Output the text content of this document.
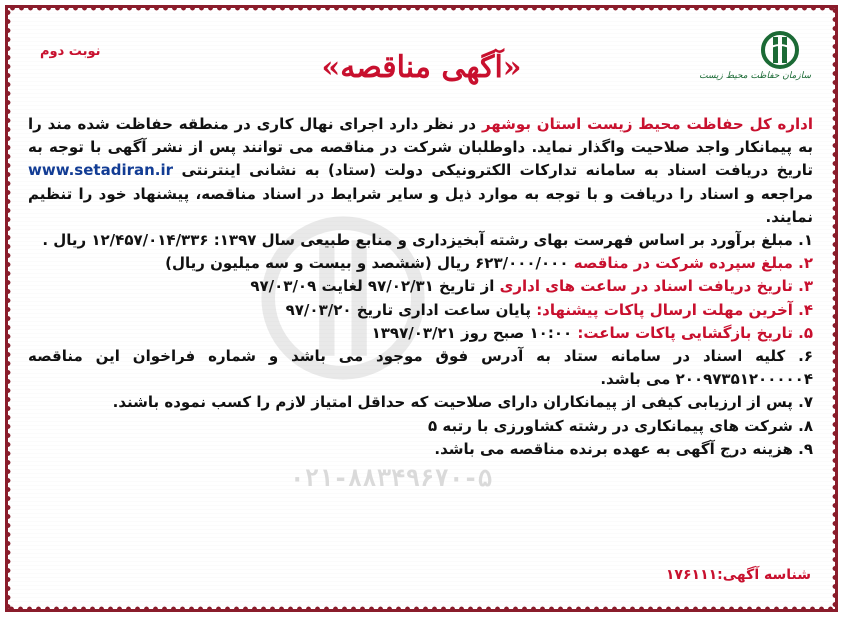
نوبت دوم
سازمان حفاظت محیط زیست
«آگهی مناقصه»
۰۲۱-۸۸۳۴۹۶۷۰-۵
اداره کل حفاظت محیط زیست استان بوشهر در نظر دارد اجرای نهال کاری در منطقه حفاظت شده مند را به پیمانکار واجد صلاحیت واگذار نماید. داوطلبان شرکت در مناقصه می توانند پس از نشر آگهی با توجه به تاریخ دریافت اسناد به سامانه تدارکات الکترونیکی دولت (ستاد) به نشانی اینترنتی www.setadiran.ir مراجعه و اسناد را دریافت و با توجه به موارد ذیل و سایر شرایط در اسناد مناقصه، پیشنهاد خود را تنظیم نمایند.
۱. مبلغ برآورد بر اساس فهرست بهای رشته آبخیزداری و منابع طبیعی سال ۱۳۹۷: ۱۲/۴۵۷/۰۱۴/۳۳۶ ریال .
۲. مبلغ سپرده شرکت در مناقصه ۶۲۳/۰۰۰/۰۰۰ ریال (ششصد و بیست و سه میلیون ریال)
۳. تاریخ دریافت اسناد در ساعت های اداری از تاریخ ۹۷/۰۲/۳۱ لغایت ۹۷/۰۳/۰۹
۴. آخرین مهلت ارسال پاکات پیشنهاد: پایان ساعت اداری تاریخ ۹۷/۰۳/۲۰
۵. تاریخ بازگشایی پاکات ساعت: ۱۰:۰۰ صبح روز ۱۳۹۷/۰۳/۲۱
۶. کلیه اسناد در سامانه ستاد به آدرس فوق موجود می باشد و شماره فراخوان این مناقصه ۲۰۰۹۷۳۵۱۲۰۰۰۰۰۴ می باشد.
۷. پس از ارزیابی کیفی از پیمانکاران دارای صلاحیت که حداقل امتیاز لازم را کسب نموده باشند.
۸. شرکت های پیمانکاری در رشته کشاورزی با رتبه ۵
۹. هزینه درج آگهی به عهده برنده مناقصه می باشد.
شناسه آگهی:۱۷۶۱۱۱
